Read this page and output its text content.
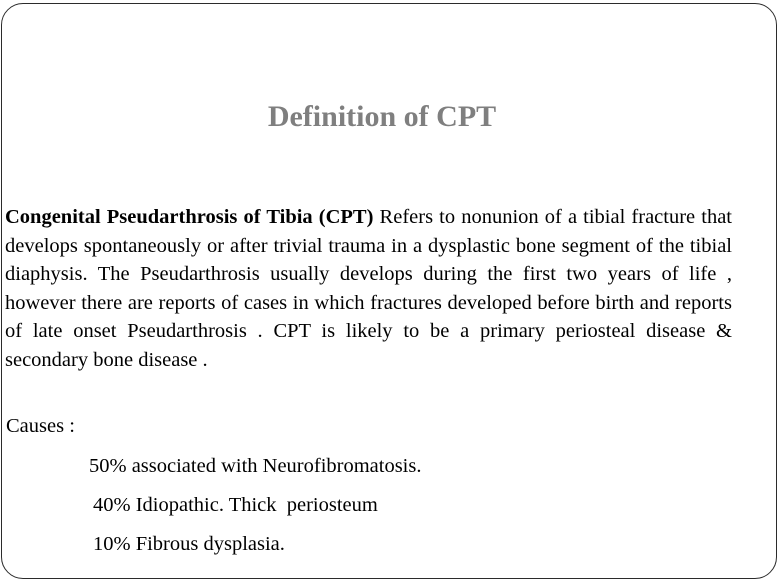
Definition of CPT

Congenital Pseudarthrosis of Tibia (CPT) Refers to nonunion of a tibial fracture that develops spontaneously or after trivial trauma in a dysplastic bone segment of the tibial diaphysis. The Pseudarthrosis usually develops during the first two years of life , however there are reports of cases in which fractures developed before birth and reports of late onset Pseudarthrosis . CPT is likely to be a primary periosteal disease & secondary bone disease .

Causes :

50% associated with Neurofibromatosis.

40% Idiopathic. Thick  periosteum

10% Fibrous dysplasia.
